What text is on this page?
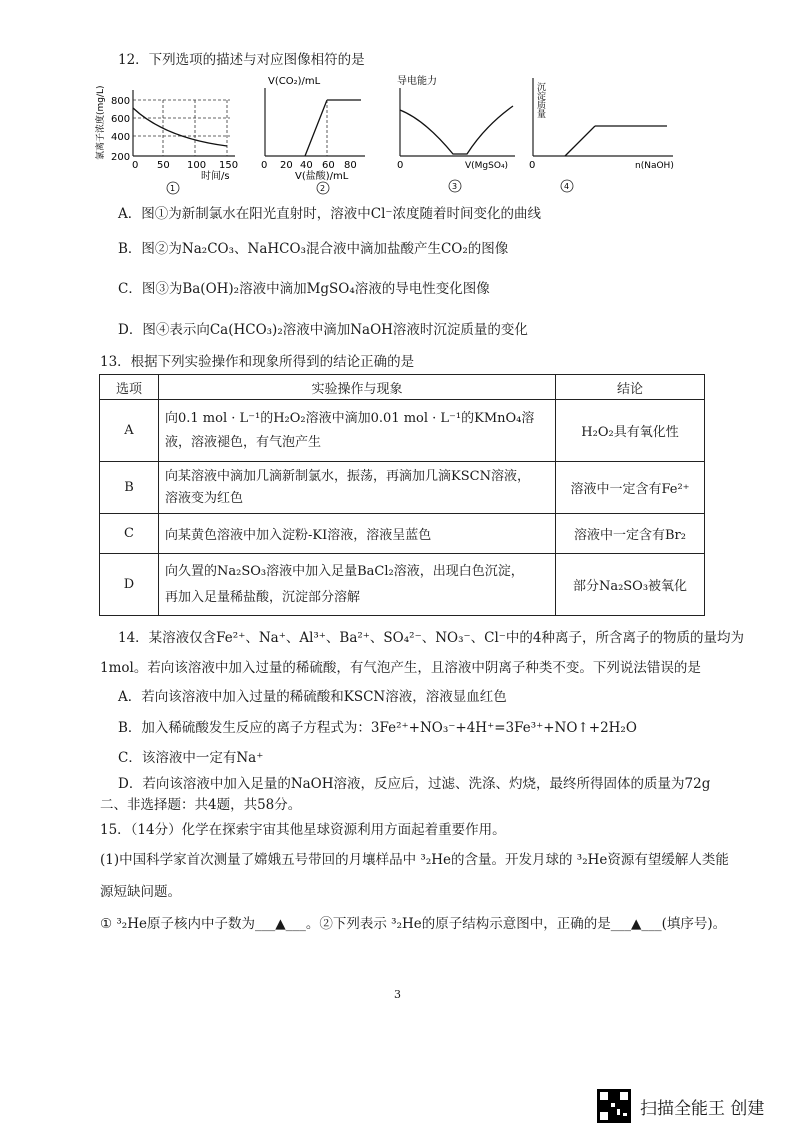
12．下列选项的描述与对应图像相符的是
氯离子浓度(mg/L) 800
600
400
200
0 50 100 150
时间/s
1
V(CO₂)/mL
0 20 40 60 80
V(盐酸)/mL
2
导电能力
0	V(MgSO₄)
3
沉淀质量
0	n(NaOH)
4
A．图①为新制氯水在阳光直射时，溶液中Cl⁻浓度随着时间变化的曲线
B．图②为Na₂CO₃、NaHCO₃混合液中滴加盐酸产生CO₂的图像
C．图③为Ba(OH)₂溶液中滴加MgSO₄溶液的导电性变化图像
D．图④表示向Ca(HCO₃)₂溶液中滴加NaOH溶液时沉淀质量的变化
13．根据下列实验操作和现象所得到的结论正确的是
选项	实验操作与现象	结论
A	向0.1 mol · L⁻¹的H₂O₂溶液中滴加0.01 mol · L⁻¹的KMnO₄溶
液，溶液褪色，有气泡产生	H₂O₂具有氧化性
B	向某溶液中滴加几滴新制氯水，振荡，再滴加几滴KSCN溶液，
溶液变为红色	溶液中一定含有Fe²⁺
C	向某黄色溶液中加入淀粉-KI溶液，溶液呈蓝色	溶液中一定含有Br₂
D	向久置的Na₂SO₃溶液中加入足量BaCl₂溶液，出现白色沉淀，
再加入足量稀盐酸，沉淀部分溶解	部分Na₂SO₃被氧化
14．某溶液仅含Fe²⁺、Na⁺、Al³⁺、Ba²⁺、SO₄²⁻、NO₃⁻、Cl⁻中的4种离子，所含离子的物质的量均为
1mol。若向该溶液中加入过量的稀硫酸，有气泡产生，且溶液中阴离子种类不变。下列说法错误的是
A．若向该溶液中加入过量的稀硫酸和KSCN溶液，溶液显血红色
B．加入稀硫酸发生反应的离子方程式为：3Fe²⁺+NO₃⁻+4H⁺=3Fe³⁺+NO↑+2H₂O
C．该溶液中一定有Na⁺
D．若向该溶液中加入足量的NaOH溶液，反应后，过滤、洗涤、灼烧，最终所得固体的质量为72g
二、非选择题：共4题，共58分。
15．（14分）化学在探索宇宙其他星球资源利用方面起着重要作用。
(1)中国科学家首次测量了嫦娥五号带回的月壤样品中 ³₂He的含量。开发月球的 ³₂He资源有望缓解人类能
源短缺问题。
① ³₂He原子核内中子数为___▲___。②下列表示 ³₂He的原子结构示意图中，正确的是___▲___(填序号)。
3
扫描全能王 创建
